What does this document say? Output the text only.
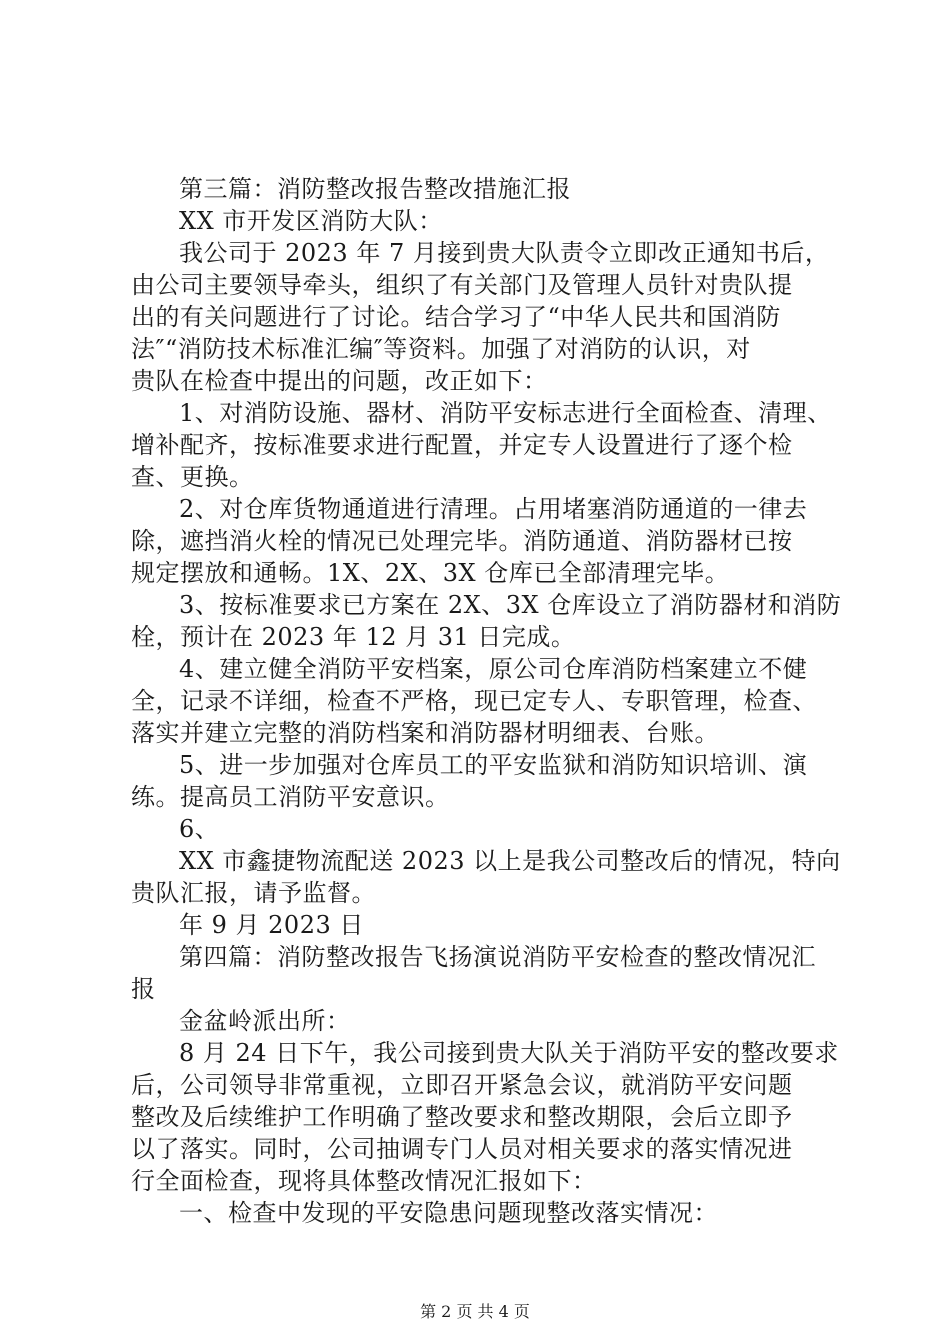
第三篇：消防整改报告整改措施汇报

XX 市开发区消防大队：

我公司于 2023 年 7 月接到贵大队责令立即改正通知书后，

由公司主要领导牵头，组织了有关部门及管理人员针对贵队提

出的有关问题进行了讨论。结合学习了“中华人民共和国消防

法″“消防技术标准汇编″等资料。加强了对消防的认识，对

贵队在检查中提出的问题，改正如下：

1、对消防设施、器材、消防平安标志进行全面检查、清理、

增补配齐，按标准要求进行配置，并定专人设置进行了逐个检

查、更换。

2、对仓库货物通道进行清理。占用堵塞消防通道的一律去

除，遮挡消火栓的情况已处理完毕。消防通道、消防器材已按

规定摆放和通畅。1X、2X、3X 仓库已全部清理完毕。

3、按标准要求已方案在 2X、3X 仓库设立了消防器材和消防

栓，预计在 2023 年 12 月 31 日完成。

4、建立健全消防平安档案，原公司仓库消防档案建立不健

全，记录不详细，检查不严格，现已定专人、专职管理，检查、

落实并建立完整的消防档案和消防器材明细表、台账。

5、进一步加强对仓库员工的平安监狱和消防知识培训、演

练。提高员工消防平安意识。

6、

XX 市鑫捷物流配送 2023 以上是我公司整改后的情况，特向

贵队汇报，请予监督。

年 9 月 2023 日

第四篇：消防整改报告飞扬演说消防平安检查的整改情况汇

报

金盆岭派出所：

8 月 24 日下午，我公司接到贵大队关于消防平安的整改要求

后，公司领导非常重视，立即召开紧急会议，就消防平安问题

整改及后续维护工作明确了整改要求和整改期限，会后立即予

以了落实。同时，公司抽调专门人员对相关要求的落实情况进

行全面检查，现将具体整改情况汇报如下：

一、检查中发现的平安隐患问题现整改落实情况：

第 2 页 共 4 页
